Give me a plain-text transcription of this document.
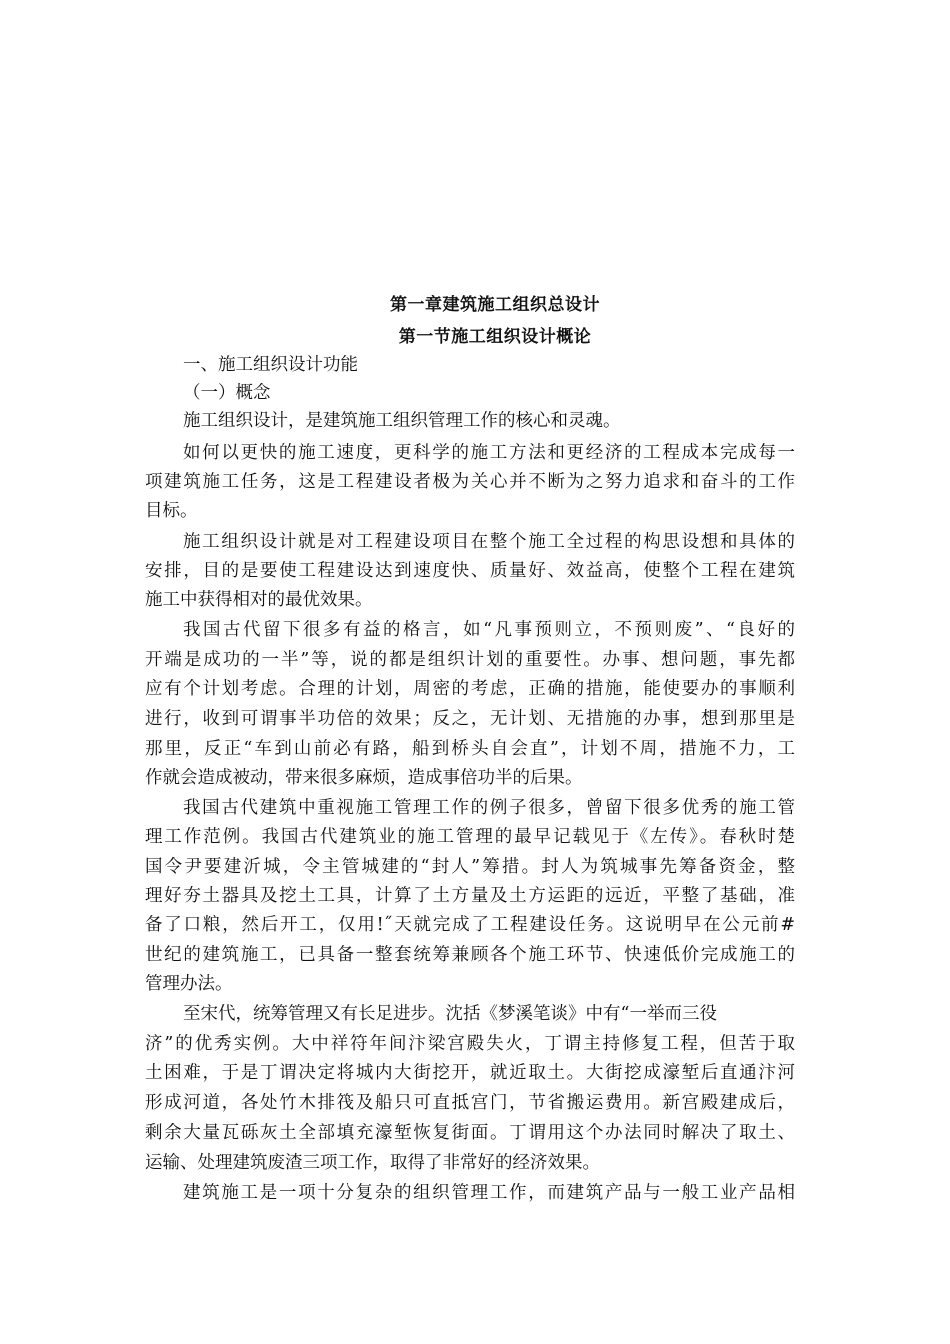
第一章建筑施工组织总设计
第一节施工组织设计概论
一、施工组织设计功能
（一）概念
施工组织设计，是建筑施工组织管理工作的核心和灵魂。
如何以更快的施工速度，更科学的施工方法和更经济的工程成本完成每一
项建筑施工任务，这是工程建设者极为关心并不断为之努力追求和奋斗的工作
目标。
施工组织设计就是对工程建设项目在整个施工全过程的构思设想和具体的
安排，目的是要使工程建设达到速度快、质量好、效益高，使整个工程在建筑
施工中获得相对的最优效果。
我国古代留下很多有益的格言，如“凡事预则立，不预则废”、“良好的
开端是成功的一半”等，说的都是组织计划的重要性。办事、想问题，事先都
应有个计划考虑。合理的计划，周密的考虑，正确的措施，能使要办的事顺利
进行，收到可谓事半功倍的效果；反之，无计划、无措施的办事，想到那里是
那里，反正“车到山前必有路，船到桥头自会直”，计划不周，措施不力，工
作就会造成被动，带来很多麻烦，造成事倍功半的后果。
我国古代建筑中重视施工管理工作的例子很多，曾留下很多优秀的施工管
理工作范例。我国古代建筑业的施工管理的最早记载见于《左传》。春秋时楚
国令尹要建沂城，令主管城建的“封人”筹措。封人为筑城事先筹备资金，整
理好夯土器具及挖土工具，计算了土方量及土方运距的远近，平整了基础，准
备了口粮，然后开工，仅用!˝天就完成了工程建设任务。这说明早在公元前#
世纪的建筑施工，已具备一整套统筹兼顾各个施工环节、快速低价完成施工的
管理办法。
至宋代，统筹管理又有长足进步。沈括《梦溪笔谈》中有“一举而三役
济”的优秀实例。大中祥符年间汴梁宫殿失火，丁谓主持修复工程，但苦于取
土困难，于是丁谓决定将城内大街挖开，就近取土。大街挖成濠堑后直通汴河
形成河道，各处竹木排筏及船只可直抵宫门，节省搬运费用。新宫殿建成后，
剩余大量瓦砾灰土全部填充濠堑恢复街面。丁谓用这个办法同时解决了取土、
运输、处理建筑废渣三项工作，取得了非常好的经济效果。
建筑施工是一项十分复杂的组织管理工作，而建筑产品与一般工业产品相
